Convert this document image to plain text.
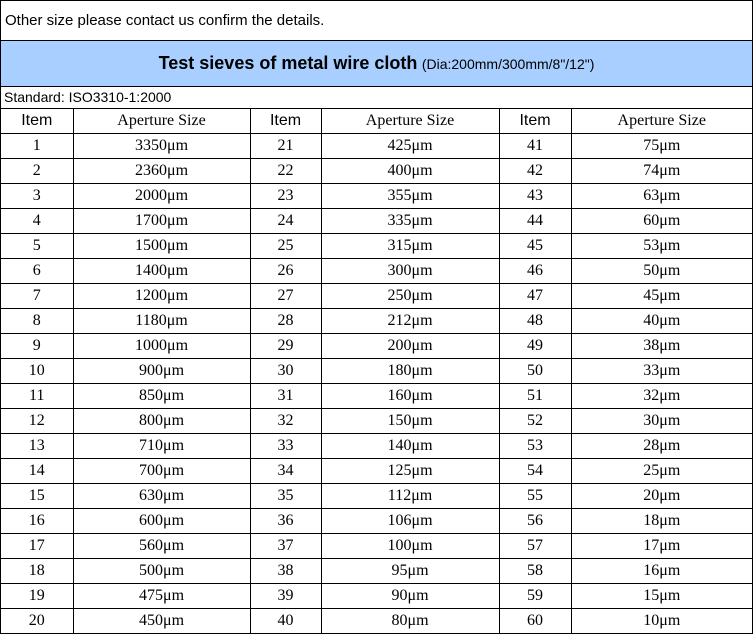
Other size please contact us confirm the details.
Test sieves of metal wire cloth (Dia:200mm/300mm/8"/12")
Standard: ISO3310-1:2000
Item	Aperture Size	Item	Aperture Size	Item	Aperture Size
1	3350μm	21	425μm	41	75μm
2	2360μm	22	400μm	42	74μm
3	2000μm	23	355μm	43	63μm
4	1700μm	24	335μm	44	60μm
5	1500μm	25	315μm	45	53μm
6	1400μm	26	300μm	46	50μm
7	1200μm	27	250μm	47	45μm
8	1180μm	28	212μm	48	40μm
9	1000μm	29	200μm	49	38μm
10	900μm	30	180μm	50	33μm
11	850μm	31	160μm	51	32μm
12	800μm	32	150μm	52	30μm
13	710μm	33	140μm	53	28μm
14	700μm	34	125μm	54	25μm
15	630μm	35	112μm	55	20μm
16	600μm	36	106μm	56	18μm
17	560μm	37	100μm	57	17μm
18	500μm	38	95μm	58	16μm
19	475μm	39	90μm	59	15μm
20	450μm	40	80μm	60	10μm
